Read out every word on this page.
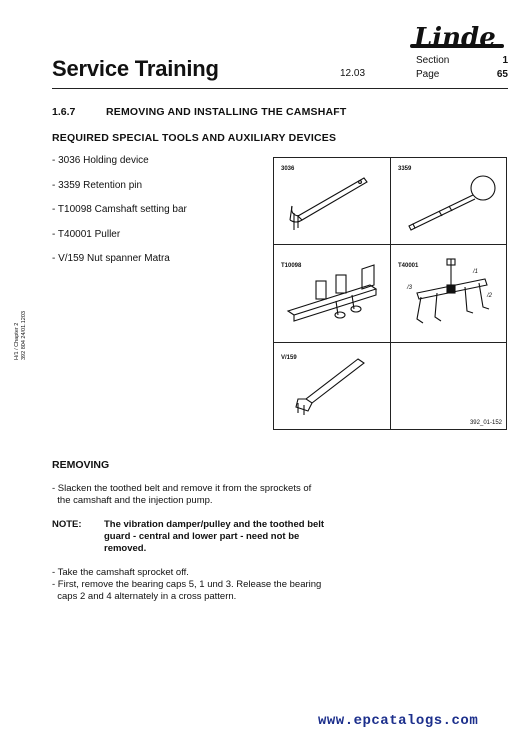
Linde
Service Training	12.03
Section	1
Page	65
1.6.7	REMOVING AND INSTALLING THE CAMSHAFT
REQUIRED SPECIAL TOOLS AND AUXILIARY DEVICES
- 3036 Holding device
- 3359 Retention pin
- T10098 Camshaft setting bar
- T40001 Puller
- V/159 Nut spanner Matra
3036	3359
T10098	T40001
/1
/3
/2
V/159
392_01-152
H/1 / Chapter 2 392 804 24/01.1203
REMOVING
- Slacken the toothed belt and remove it from the sprockets of
the camshaft and the injection pump.
NOTE: The vibration damper/pulley and the toothed belt guard - central and lower part - need not be removed.
- Take the camshaft sprocket off.
- First, remove the bearing caps 5, 1 und 3. Release the bearing
caps 2 and 4 alternately in a cross pattern.
www.epcatalogs.com
